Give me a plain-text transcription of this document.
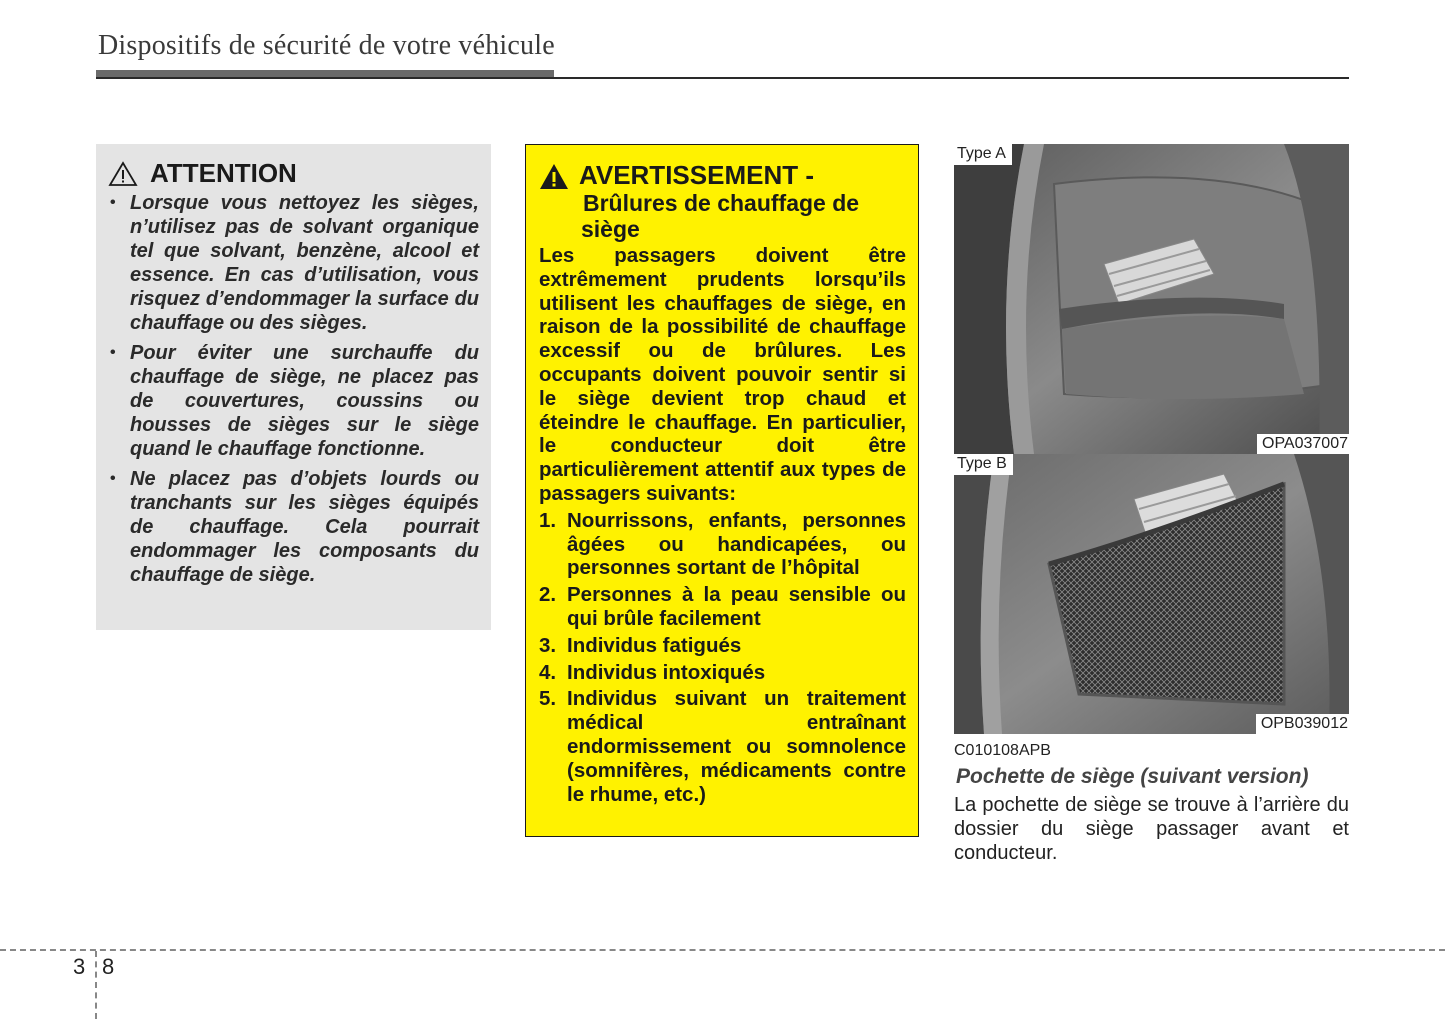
Dispositifs de sécurité de votre véhicule
ATTENTION
• Lorsque vous nettoyez les sièges, n’utilisez pas de solvant organique tel que solvant, benzène, alcool et essence. En cas d’utilisation, vous risquez d’endommager la surface du chauffage ou des sièges.
• Pour éviter une surchauffe du chauffage de siège, ne placez pas de couvertures, coussins ou housses de sièges sur le siège quand le chauffage fonctionne.
• Ne placez pas d’objets lourds ou tranchants sur les sièges équipés de chauffage. Cela pourrait endommager les composants du chauffage de siège.
AVERTISSEMENT -
Brûlures de chauffage de
siège
Les passagers doivent être extrêmement prudents lorsqu’ils utilisent les chauffages de siège, en raison de la possibilité de chauffage excessif ou de brûlures. Les occupants doivent pouvoir sentir si le siège devient trop chaud et éteindre le chauffage. En particulier, le conducteur doit être particulièrement attentif aux types de passagers suivants:
1. Nourrissons, enfants, personnes âgées ou handicapées, ou personnes sortant de l’hôpital
2. Personnes à la peau sensible ou qui brûle facilement
3. Individus fatigués
4. Individus intoxiqués
5. Individus suivant un traitement médical entraînant endormissement ou somnolence (somnifères, médicaments contre le rhume, etc.)
Type A
OPA037007
Type B
OPB039012
C010108APB
Pochette de siège (suivant version)
La pochette de siège se trouve à l’arrière du dossier du siège passager avant et conducteur.
3 8
